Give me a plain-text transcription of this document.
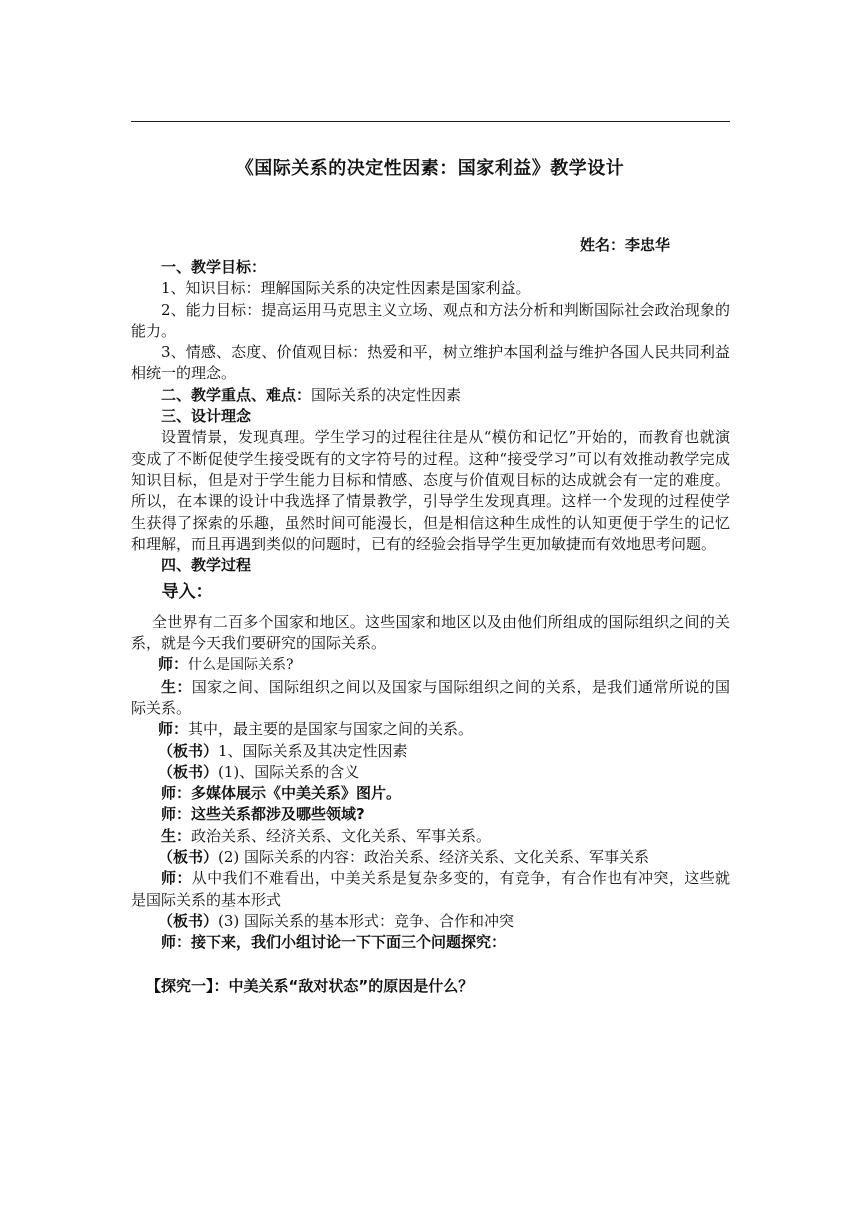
《国际关系的决定性因素：国家利益》教学设计
姓名：李忠华

一、教学目标：

1、知识目标：理解国际关系的决定性因素是国家利益。

2、能力目标：提高运用马克思主义立场、观点和方法分析和判断国际社会政治现象的能力。

3、情感、态度、价值观目标：热爱和平，树立维护本国利益与维护各国人民共同利益相统一的理念。

二、教学重点、难点：国际关系的决定性因素

三、设计理念

设置情景，发现真理。学生学习的过程往往是从“模仿和记忆”开始的，而教育也就演变成了不断促使学生接受既有的文字符号的过程。这种“接受学习”可以有效推动教学完成知识目标，但是对于学生能力目标和情感、态度与价值观目标的达成就会有一定的难度。所以，在本课的设计中我选择了情景教学，引导学生发现真理。这样一个发现的过程使学生获得了探索的乐趣，虽然时间可能漫长，但是相信这种生成性的认知更便于学生的记忆和理解，而且再遇到类似的问题时，已有的经验会指导学生更加敏捷而有效地思考问题。

四、教学过程

导入：

全世界有二百多个国家和地区。这些国家和地区以及由他们所组成的国际组织之间的关系，就是今天我们要研究的国际关系。

师：什么是国际关系?

生：国家之间、国际组织之间以及国家与国际组织之间的关系，是我们通常所说的国际关系。

师：其中，最主要的是国家与国家之间的关系。

（板书）1、国际关系及其决定性因素

（板书）(1)、国际关系的含义

师：多媒体展示《中美关系》图片。

师：这些关系都涉及哪些领域?

生：政治关系、经济关系、文化关系、军事关系。

（板书）(2) 国际关系的内容：政治关系、经济关系、文化关系、军事关系

师：从中我们不难看出，中美关系是复杂多变的，有竞争，有合作也有冲突，这些就是国际关系的基本形式

（板书）(3) 国际关系的基本形式：竞争、合作和冲突

师：接下来，我们小组讨论一下下面三个问题探究：

【探究一】：中美关系“敌对状态”的原因是什么？
